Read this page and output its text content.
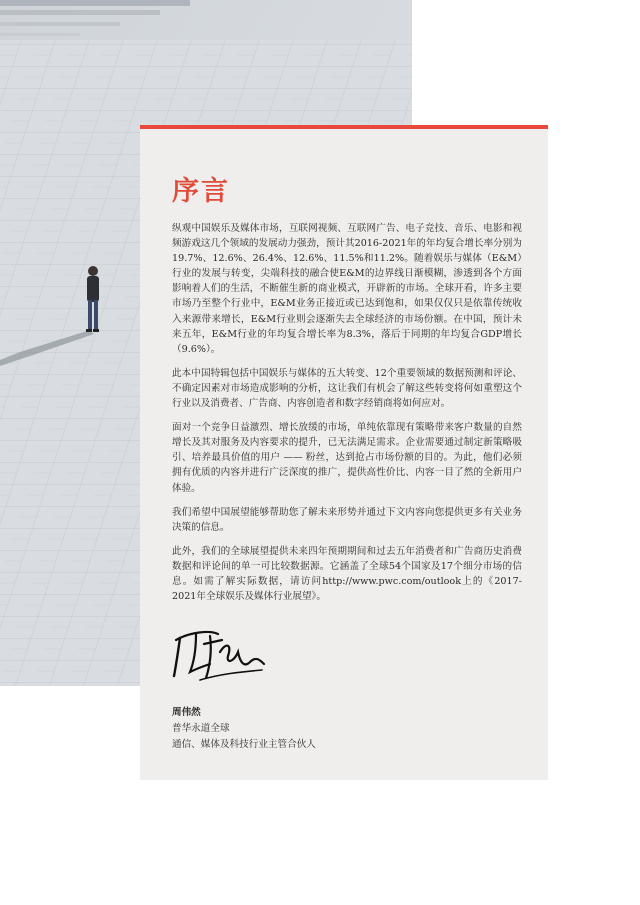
序言

纵观中国娱乐及媒体市场，互联网视频、互联网广告、电子竞技、音乐、电影和视频游戏这几个领域的发展动力强劲，预计其2016-2021年的年均复合增长率分别为19.7%、12.6%、26.4%、12.6%、11.5%和11.2%。随着娱乐与媒体（E&M）行业的发展与转变，尖端科技的融合使E&M的边界线日渐模糊，渗透到各个方面影响着人们的生活，不断催生新的商业模式，开辟新的市场。全球开看，许多主要市场乃至整个行业中，E&M业务正接近或已达到饱和，如果仅仅只是依靠传统收入来源带来增长，E&M行业则会逐渐失去全球经济的市场份额。在中国，预计未来五年，E&M行业的年均复合增长率为8.3%，落后于同期的年均复合GDP增长（9.6%）。

此本中国特辑包括中国娱乐与媒体的五大转变、12个重要领域的数据预测和评论、不确定因素对市场造成影响的分析，这让我们有机会了解这些转变将何如重塑这个行业以及消费者、广告商、内容创造者和数字经销商将如何应对。

面对一个竞争日益激烈、增长放缓的市场，单纯依靠现有策略带来客户数量的自然增长及其对服务及内容要求的提升，已无法满足需求。企业需要通过制定新策略吸引、培养最具价值的用户 —— 粉丝，达到抢占市场份额的目的。为此，他们必须拥有优质的内容并进行广泛深度的推广，提供高性价比、内容一目了然的全新用户体验。

我们希望中国展望能够帮助您了解未来形势并通过下文内容向您提供更多有关业务决策的信息。

此外，我们的全球展望提供未来四年预期期间和过去五年消费者和广告商历史消费数据和评论间的单一可比较数据源。它涵盖了全球54个国家及17个细分市场的信息。如需了解实际数据，请访问http://www.pwc.com/outlook上的《2017-2021年全球娱乐及媒体行业展望》。

周伟然
普华永道全球
通信、媒体及科技行业主管合伙人
